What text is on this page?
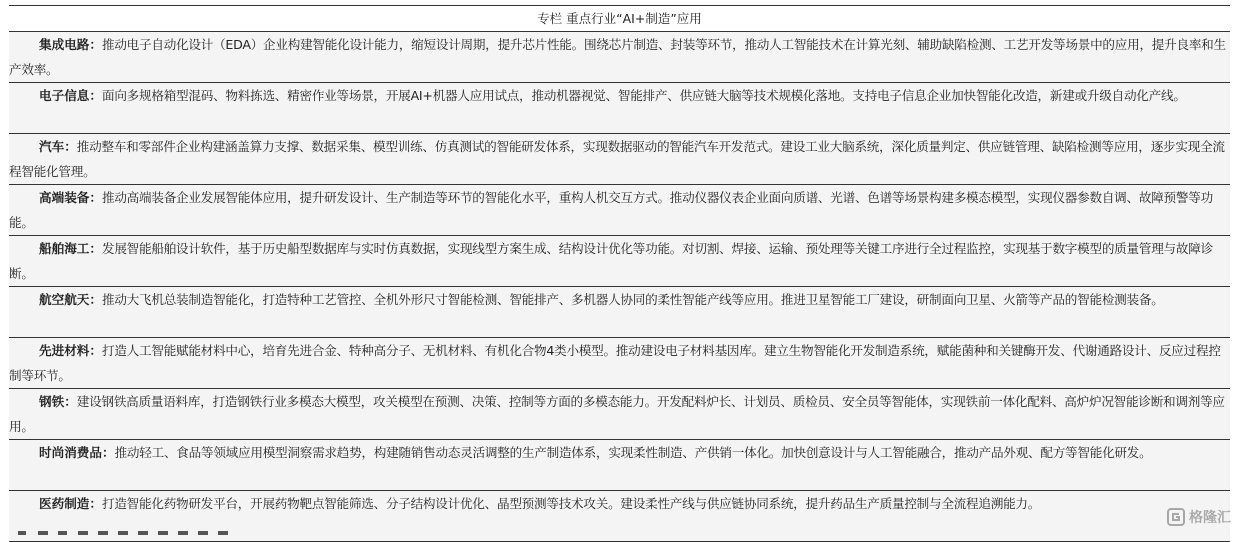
专栏 重点行业“AI+制造”应用
集成电路：推动电子自动化设计（EDA）企业构建智能化设计能力，缩短设计周期，提升芯片性能。围绕芯片制造、封装等环节，推动人工智能技术在计算光刻、辅助缺陷检测、工艺开发等场景中的应用，提升良率和生产效率。
电子信息：面向多规格箱型混码、物料拣选、精密作业等场景，开展AI+机器人应用试点，推动机器视觉、智能排产、供应链大脑等技术规模化落地。支持电子信息企业加快智能化改造，新建或升级自动化产线。
汽车：推动整车和零部件企业构建涵盖算力支撑、数据采集、模型训练、仿真测试的智能研发体系，实现数据驱动的智能汽车开发范式。建设工业大脑系统，深化质量判定、供应链管理、缺陷检测等应用，逐步实现全流程智能化管理。
高端装备：推动高端装备企业发展智能体应用，提升研发设计、生产制造等环节的智能化水平，重构人机交互方式。推动仪器仪表企业面向质谱、光谱、色谱等场景构建多模态模型，实现仪器参数自调、故障预警等功能。
船舶海工：发展智能船舶设计软件，基于历史船型数据库与实时仿真数据，实现线型方案生成、结构设计优化等功能。对切割、焊接、运输、预处理等关键工序进行全过程监控，实现基于数字模型的质量管理与故障诊断。
航空航天：推动大飞机总装制造智能化，打造特种工艺管控、全机外形尺寸智能检测、智能排产、多机器人协同的柔性智能产线等应用。推进卫星智能工厂建设，研制面向卫星、火箭等产品的智能检测装备。
先进材料：打造人工智能赋能材料中心，培育先进合金、特种高分子、无机材料、有机化合物4类小模型。推动建设电子材料基因库。建立生物智能化开发制造系统，赋能菌种和关键酶开发、代谢通路设计、反应过程控制等环节。
钢铁：建设钢铁高质量语料库，打造钢铁行业多模态大模型，攻关模型在预测、决策、控制等方面的多模态能力。开发配料炉长、计划员、质检员、安全员等智能体，实现铁前一体化配料、高炉炉况智能诊断和调剂等应用。
时尚消费品：推动轻工、食品等领域应用模型洞察需求趋势，构建随销售动态灵活调整的生产制造体系，实现柔性制造、产供销一体化。加快创意设计与人工智能融合，推动产品外观、配方等智能化研发。
医药制造：打造智能化药物研发平台，开展药物靶点智能筛选、分子结构设计优化、晶型预测等技术攻关。建设柔性产线与供应链协同系统，提升药品生产质量控制与全流程追溯能力。
格隆汇
